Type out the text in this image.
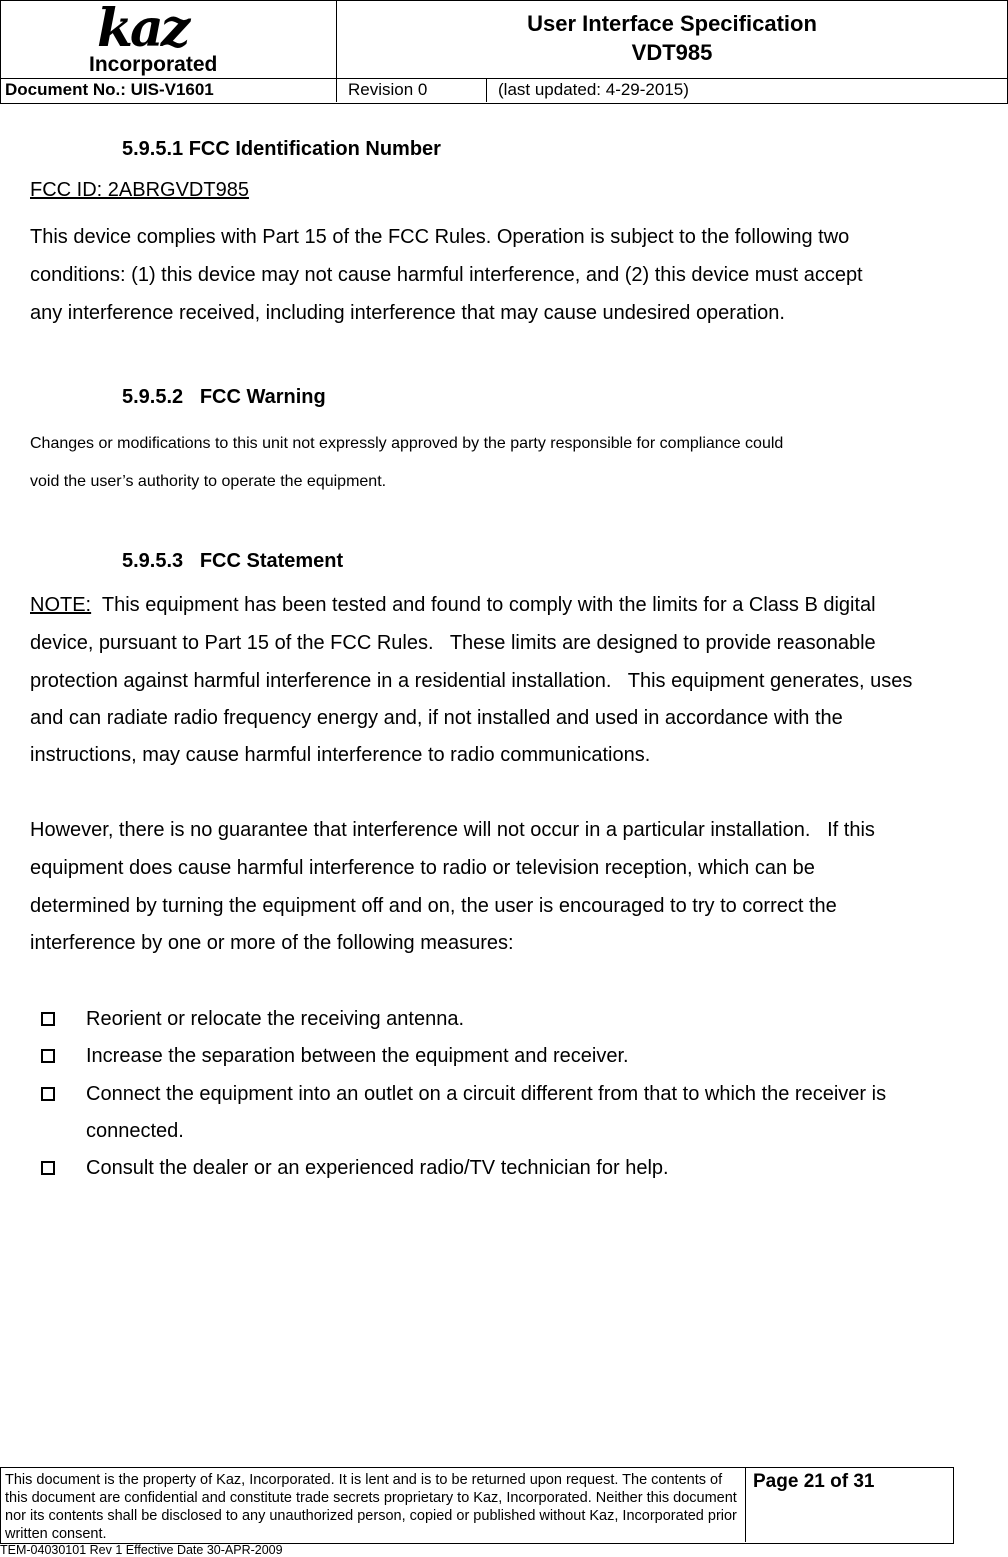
kaz
Incorporated
User Interface Specification
VDT985
Document No.: UIS-V1601	Revision 0	(last updated: 4-29-2015)
5.9.5.1 FCC Identification Number
FCC ID: 2ABRGVDT985
This device complies with Part 15 of the FCC Rules. Operation is subject to the following two
conditions: (1) this device may not cause harmful interference, and (2) this device must accept
any interference received, including interference that may cause undesired operation.
5.9.5.2   FCC Warning
Changes or modifications to this unit not expressly approved by the party responsible for compliance could
void the user’s authority to operate the equipment.
5.9.5.3   FCC Statement
NOTE:  This equipment has been tested and found to comply with the limits for a Class B digital
device, pursuant to Part 15 of the FCC Rules.   These limits are designed to provide reasonable
protection against harmful interference in a residential installation.   This equipment generates, uses
and can radiate radio frequency energy and, if not installed and used in accordance with the
instructions, may cause harmful interference to radio communications.
However, there is no guarantee that interference will not occur in a particular installation.   If this
equipment does cause harmful interference to radio or television reception, which can be
determined by turning the equipment off and on, the user is encouraged to try to correct the
interference by one or more of the following measures:
Reorient or relocate the receiving antenna.
Increase the separation between the equipment and receiver.
Connect the equipment into an outlet on a circuit different from that to which the receiver is
connected.
Consult the dealer or an experienced radio/TV technician for help.
This document is the property of Kaz, Incorporated. It is lent and is to be returned upon request. The contents of this document are confidential and constitute trade secrets proprietary to Kaz, Incorporated. Neither this document nor its contents shall be disclosed to any unauthorized person, copied or published without Kaz, Incorporated prior written consent.
Page 21 of 31
TEM-04030101 Rev 1 Effective Date 30-APR-2009
